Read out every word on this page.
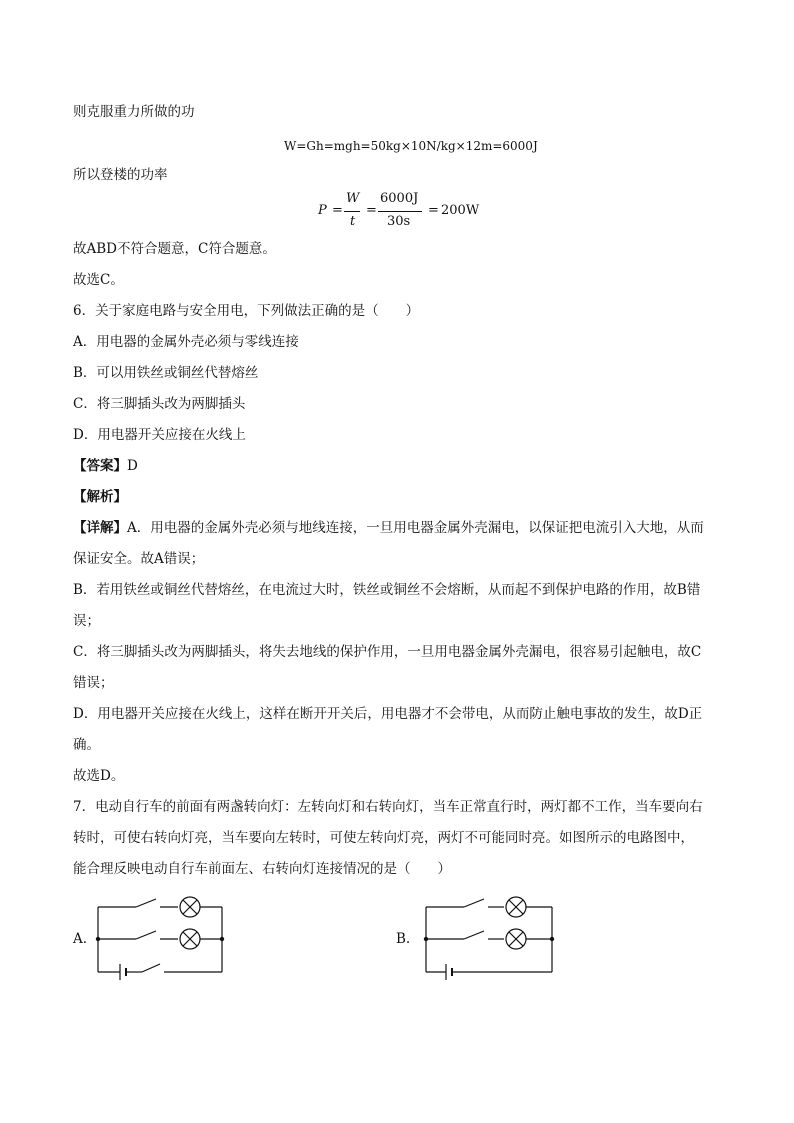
则克服重力所做的功
W=Gh=mgh=50kg×10N/kg×12m=6000J
所以登楼的功率
P =
W
t
=
6000J
30s
= 200W
故ABD不符合题意，C符合题意。
故选C。
6．关于家庭电路与安全用电，下列做法正确的是（　　）
A．用电器的金属外壳必须与零线连接
B．可以用铁丝或铜丝代替熔丝
C．将三脚插头改为两脚插头
D．用电器开关应接在火线上
【答案】D
【解析】
【详解】A．用电器的金属外壳必须与地线连接，一旦用电器金属外壳漏电，以保证把电流引入大地，从而
保证安全。故A错误；
B．若用铁丝或铜丝代替熔丝，在电流过大时，铁丝或铜丝不会熔断，从而起不到保护电路的作用，故B错
误；
C．将三脚插头改为两脚插头，将失去地线的保护作用，一旦用电器金属外壳漏电，很容易引起触电，故C
错误；
D．用电器开关应接在火线上，这样在断开开关后，用电器才不会带电，从而防止触电事故的发生，故D正
确。
故选D。
7．电动自行车的前面有两盏转向灯：左转向灯和右转向灯，当车正常直行时，两灯都不工作，当车要向右
转时，可使右转向灯亮，当车要向左转时，可使左转向灯亮，两灯不可能同时亮。如图所示的电路图中，
能合理反映电动自行车前面左、右转向灯连接情况的是（　　）
A.	B.
